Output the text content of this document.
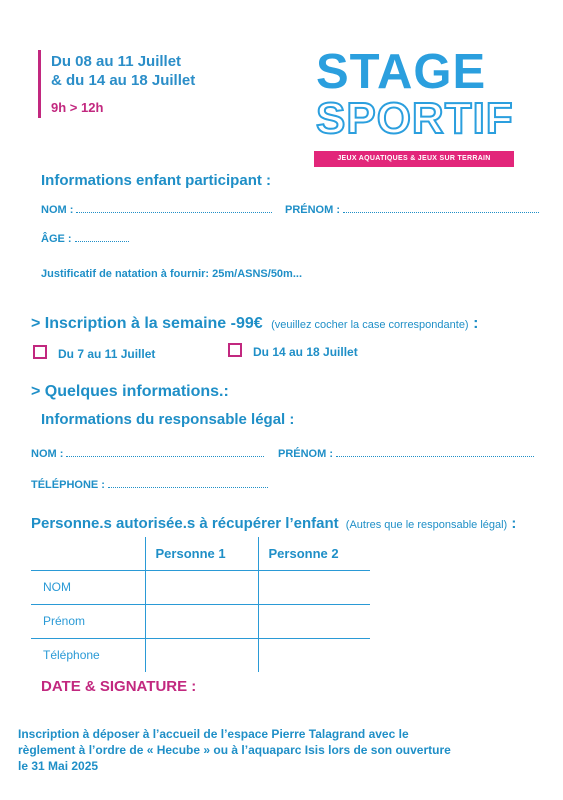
Du 08 au 11 Juillet
& du 14 au 18 Juillet
9h > 12h
STAGE
SPORTIF
JEUX AQUATIQUES & JEUX SUR TERRAIN
Informations enfant participant :
NOM :	PRÉNOM :
ÂGE :
Justificatif de natation à fournir: 25m/ASNS/50m...
> Inscription à la semaine -99€ (veuillez cocher la case correspondante) :
Du 7 au 11 Juillet	Du 14 au 18 Juillet
> Quelques informations.:
Informations du responsable légal :
NOM :	PRÉNOM :
TÉLÉPHONE :
Personne.s autorisée.s à récupérer l’enfant (Autres que le responsable légal) :
	Personne 1	Personne 2
NOM		
Prénom		
Téléphone		
DATE & SIGNATURE :
Inscription à déposer à l’accueil de l’espace Pierre Talagrand avec le
règlement à l’ordre de « Hecube » ou à l’aquaparc Isis lors de son ouverture
le 31 Mai 2025
